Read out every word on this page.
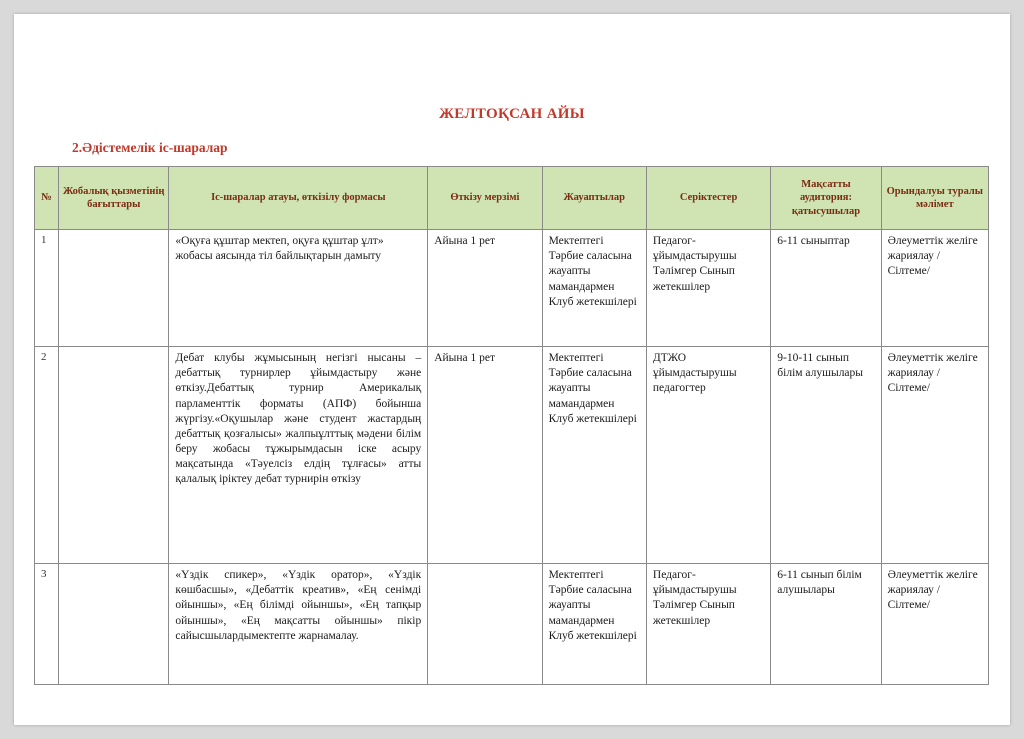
ЖЕЛТОҚСАН АЙЫ
2.Әдістемелік іс-шаралар
№	Жобалық қызметінің бағыттары	Іс-шаралар атауы, өткізілу формасы	Өткізу мерзімі	Жауаптылар	Серіктестер	Мақсатты аудитория: қатысушылар	Орындалуы туралы мәлімет
1		«Оқуға құштар мектеп, оқуға құштар ұлт» жобасы аясында тіл байлықтарын дамыту	Айына 1 рет	Мектептегі Тәрбие саласына жауапты мамандармен Клуб жетекшілері	Педагог-ұйымдастырушы Тәлімгер Сынып жетекшілер	6-11 сыныптар	Әлеуметтік желіге жариялау /Сілтеме/
2		Дебат клубы жұмысының негізгі нысаны – дебаттық турнирлер ұйымдастыру және өткізу.Дебаттық турнир Америкалық парламенттік форматы (АПФ) бойынша жүргізу.«Оқушылар және студент жастардың дебаттық қозғалысы» жалпыұлттық мәдени білім беру жобасы тұжырымдасын іске асыру мақсатында «Тәуелсіз елдің тұлғасы» атты қалалық іріктеу дебат турнирін өткізу	Айына 1 рет	Мектептегі Тәрбие саласына жауапты мамандармен Клуб жетекшілері	ДТЖО ұйымдастырушы педагогтер	9-10-11 сынып білім алушылары	Әлеуметтік желіге жариялау /Сілтеме/
3		«Үздік спикер», «Үздік оратор», «Үздік көшбасшы», «Дебаттік креатив», «Ең сенімді ойыншы», «Ең білімді ойыншы», «Ең тапқыр ойыншы», «Ең мақсатты ойыншы» пікір сайысшылардымектепте жарнамалау.		Мектептегі Тәрбие саласына жауапты мамандармен Клуб жетекшілері	Педагог-ұйымдастырушы Тәлімгер Сынып жетекшілер	6-11 сынып білім алушылары	Әлеуметтік желіге жариялау /Сілтеме/
